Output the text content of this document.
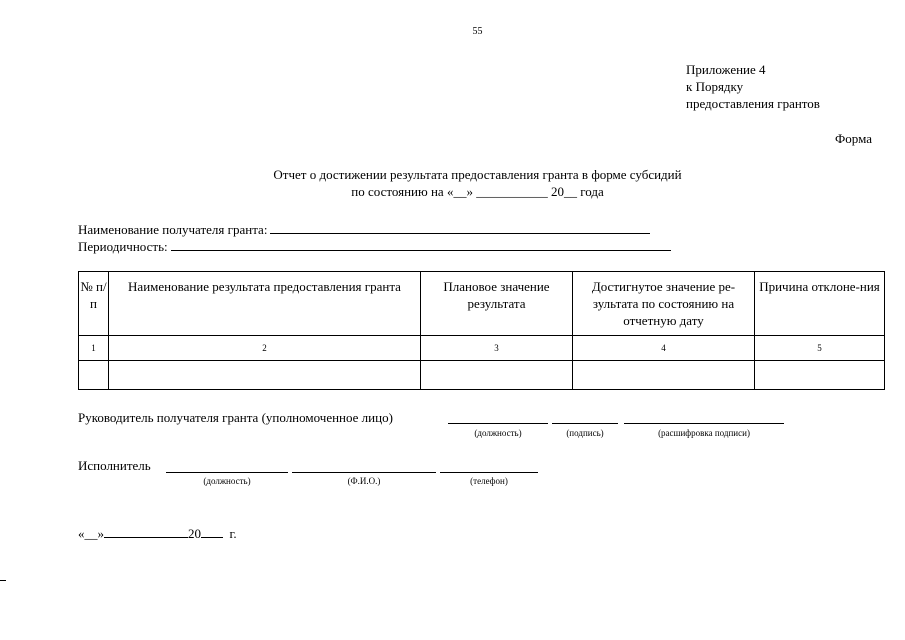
55
Приложение 4
к Порядку
предоставления грантов
Форма
Отчет о достижении результата предоставления гранта в форме субсидий
по состоянию на «__» ___________ 20__ года
Наименование получателя гранта:
Периодичность:
№ п/п	Наименование результата предоставления гранта	Плановое значение результата	Достигнутое значение ре-зультата по состоянию на отчетную дату	Причина отклоне-ния
1	2	3	4	5

Руководитель получателя гранта (уполномоченное лицо)
(должность)	(подпись)	(расшифровка подписи)
Исполнитель
(должность)	(Ф.И.О.)	(телефон)
«__»	20 г.
